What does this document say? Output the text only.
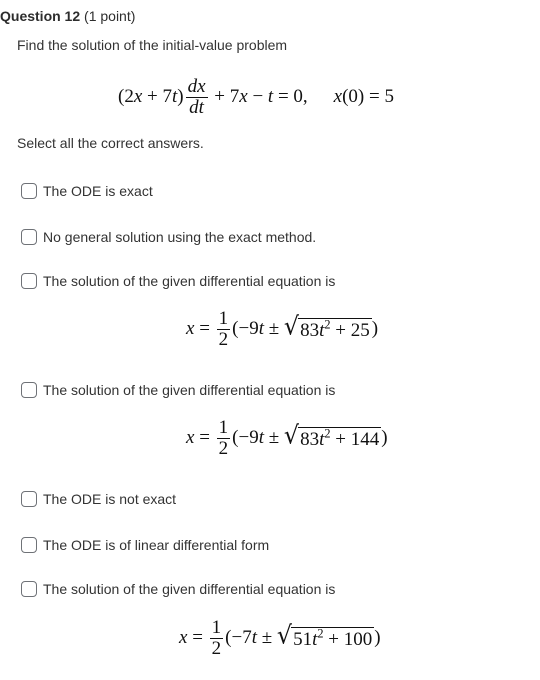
Question 12 (1 point)
Find the solution of the initial-value problem
(2 x + 7 t ) $\frac{dx}{dt} + 7$ x − t = 0, x (0) = 5
Select all the correct answers.
The ODE is exact
No general solution using the exact method.
The solution of the given differential equation is
$x = \frac{1}{2} (-9$ t ± √ $83t^2 + 25$ )
The solution of the given differential equation is
$x = \frac{1}{2} (-9$ t ± √ $83t^2 + 144$ )
The ODE is not exact
The ODE is of linear differential form
The solution of the given differential equation is
$x = \frac{1}{2} (-7$ t ± √ $51t^2 + 100$ )
